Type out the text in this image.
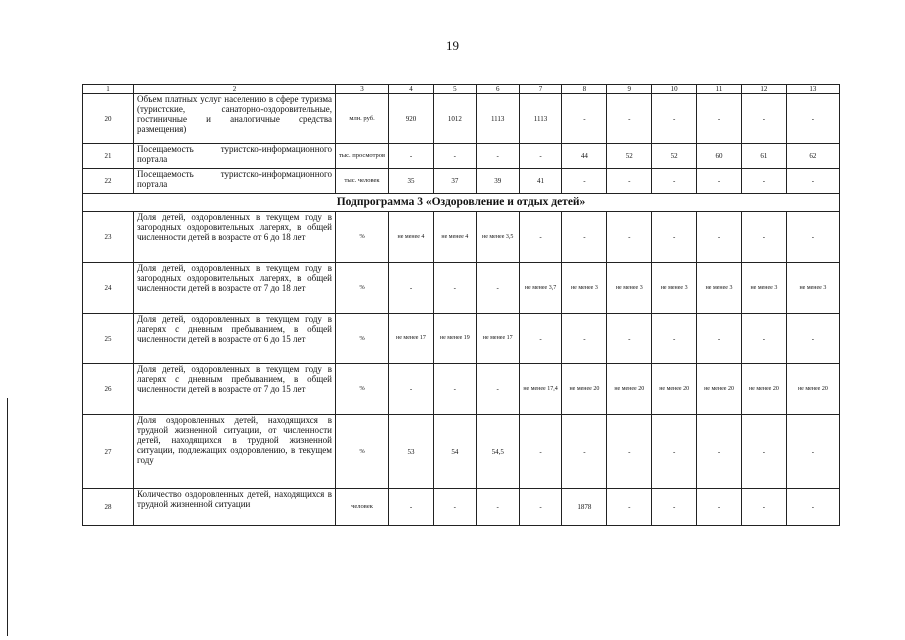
19
1	2	3	4	5	6	7	8	9	10	11	12	13
20	Объем платных услуг населению в сфере туризма (туристские, санаторно-оздоровительные, гостиничные и аналогичные средства размещения)	млн. руб.	920	1012	1113	1113	-	-	-	-	-	-
21	Посещаемость туристско-информационного портала	тыс. просмотров	-	-	-	-	44	52	52	60	61	62
22	Посещаемость туристско-информационного портала	тыс. человек	35	37	39	41	-	-	-	-	-	-
Подпрограмма 3 «Оздоровление и отдых детей»												
23	Доля детей, оздоровленных в текущем году в загородных оздоровительных лагерях, в общей численности детей в возрасте от 6 до 18 лет	%	не менее 4	не менее 4	не менее 3,5	-	-	-	-	-	-	-
24	Доля детей, оздоровленных в текущем году в загородных оздоровительных лагерях, в общей численности детей в возрасте от 7 до 18 лет	%	-	-	-	не менее 3,7	не менее 3	не менее 3	не менее 3	не менее 3	не менее 3	не менее 3
25	Доля детей, оздоровленных в текущем году в лагерях с дневным пребыванием, в общей численности детей в возрасте от 6 до 15 лет	%	не менее 17	не менее 19	не менее 17	-	-	-	-	-	-	-
26	Доля детей, оздоровленных в текущем году в лагерях с дневным пребыванием, в общей численности детей в возрасте от 7 до 15 лет	%	-	-	-	не менее 17,4	не менее 20	не менее 20	не менее 20	не менее 20	не менее 20	не менее 20
27	Доля оздоровленных детей, находящихся в трудной жизненной ситуации, от численности детей, находящихся в трудной жизненной ситуации, подлежащих оздоровлению, в текущем году	%	53	54	54,5	-	-	-	-	-	-	-
28	Количество оздоровленных детей, находящихся в трудной жизненной ситуации	человек	-	-	-	-	1878	-	-	-	-	-
